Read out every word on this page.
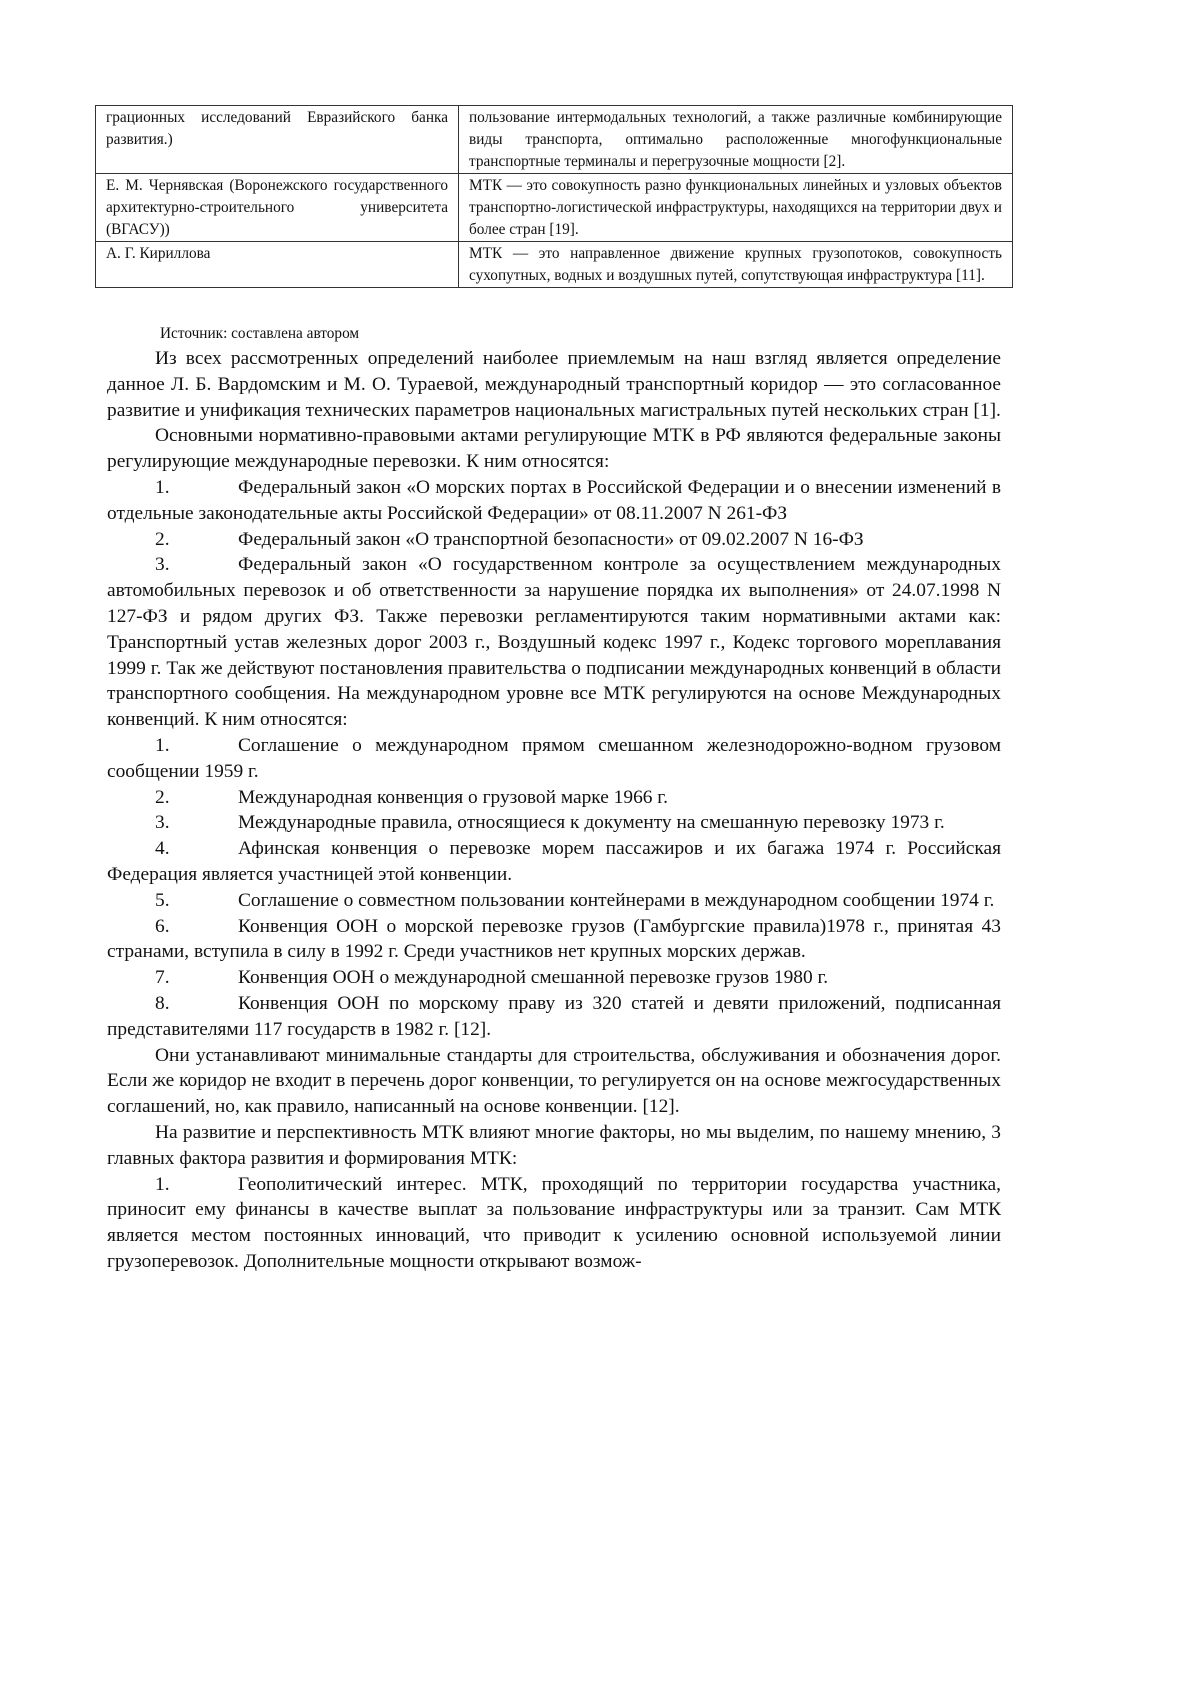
грационных исследований Евразийского банка развития.)	пользование интермодальных технологий, а также различные комбинирующие виды транспорта, оптимально расположенные многофункциональные транспортные терминалы и перегрузочные мощности [2].
Е. М. Чернявская (Воронежского государственного архитектурно-строительного университета (ВГАСУ))	МТК — это совокупность разно функциональных линейных и узловых объектов транспортно-логистической инфраструктуры, находящихся на территории двух и более стран [19].
А. Г. Кириллова	МТК — это направленное движение крупных грузопотоков, совокупность сухопутных, водных и воздушных путей, сопутствующая инфраструктура [11].
Источник: составлена автором

Из всех рассмотренных определений наиболее приемлемым на наш взгляд является определение данное Л. Б. Вардомским и М. О. Тураевой, международный транспортный коридор — это согласованное развитие и унификация технических параметров национальных магистральных путей нескольких стран [1].

Основными нормативно-правовыми актами регулирующие МТК в РФ являются федеральные законы регулирующие международные перевозки. К ним относятся:

1.	Федеральный закон «О морских портах в Российской Федерации и о внесении изменений в отдельные законодательные акты Российской Федерации» от 08.11.2007 N 261-ФЗ

2.	Федеральный закон «О транспортной безопасности» от 09.02.2007 N 16-ФЗ

3.	Федеральный закон «О государственном контроле за осуществлением международных автомобильных перевозок и об ответственности за нарушение порядка их выполнения» от 24.07.1998 N 127-ФЗ и рядом других ФЗ. Также перевозки регламентируются таким нормативными актами как: Транспортный устав железных дорог 2003 г., Воздушный кодекс 1997 г., Кодекс торгового мореплавания 1999 г. Так же действуют постановления правительства о подписании международных конвенций в области транспортного сообщения. На международном уровне все МТК регулируются на основе Международных конвенций. К ним относятся:

1.	Соглашение о международном прямом смешанном железнодорожно-водном грузовом сообщении 1959 г.

2.	Международная конвенция о грузовой марке 1966 г.

3.	Международные правила, относящиеся к документу на смешанную перевозку 1973 г.

4.	Афинская конвенция о перевозке морем пассажиров и их багажа 1974 г. Российская Федерация является участницей этой конвенции.

5.	Соглашение о совместном пользовании контейнерами в международном сообщении 1974 г.

6.	Конвенция ООН о морской перевозке грузов (Гамбургские правила)1978 г., принятая 43 странами, вступила в силу в 1992 г. Среди участников нет крупных морских держав.

7.	Конвенция ООН о международной смешанной перевозке грузов 1980 г.

8.	Конвенция ООН по морскому праву из 320 статей и девяти приложений, подписанная представителями 117 государств в 1982 г. [12].

Они устанавливают минимальные стандарты для строительства, обслуживания и обозначения дорог. Если же коридор не входит в перечень дорог конвенции, то регулируется он на основе межгосударственных соглашений, но, как правило, написанный на основе конвенции. [12].

На развитие и перспективность МТК влияют многие факторы, но мы выделим, по нашему мнению, 3 главных фактора развития и формирования МТК:

1.	Геополитический интерес. МТК, проходящий по территории государства участника, приносит ему финансы в качестве выплат за пользование инфраструктуры или за транзит. Сам МТК является местом постоянных инноваций, что приводит к усилению основной используемой линии грузоперевозок. Дополнительные мощности открывают возмож-
